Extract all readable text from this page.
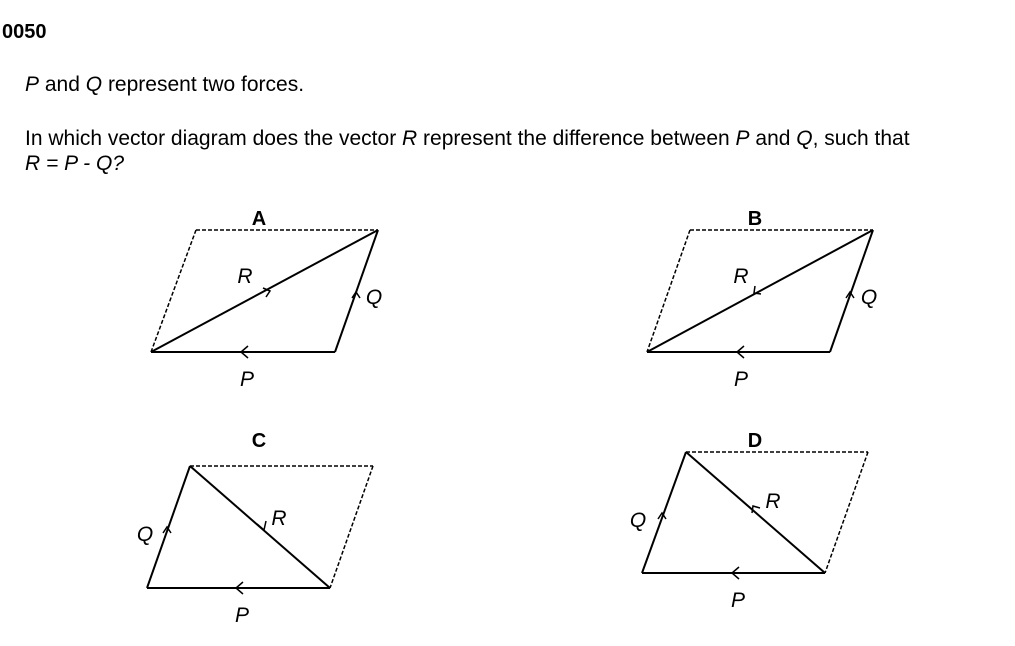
0050
P and Q represent two forces.
In which vector diagram does the vector R represent the difference between P and Q, such that
R = P - Q?
A
R
Q
P
B
R
Q
P
C
R
Q
P
D
R
Q
P
